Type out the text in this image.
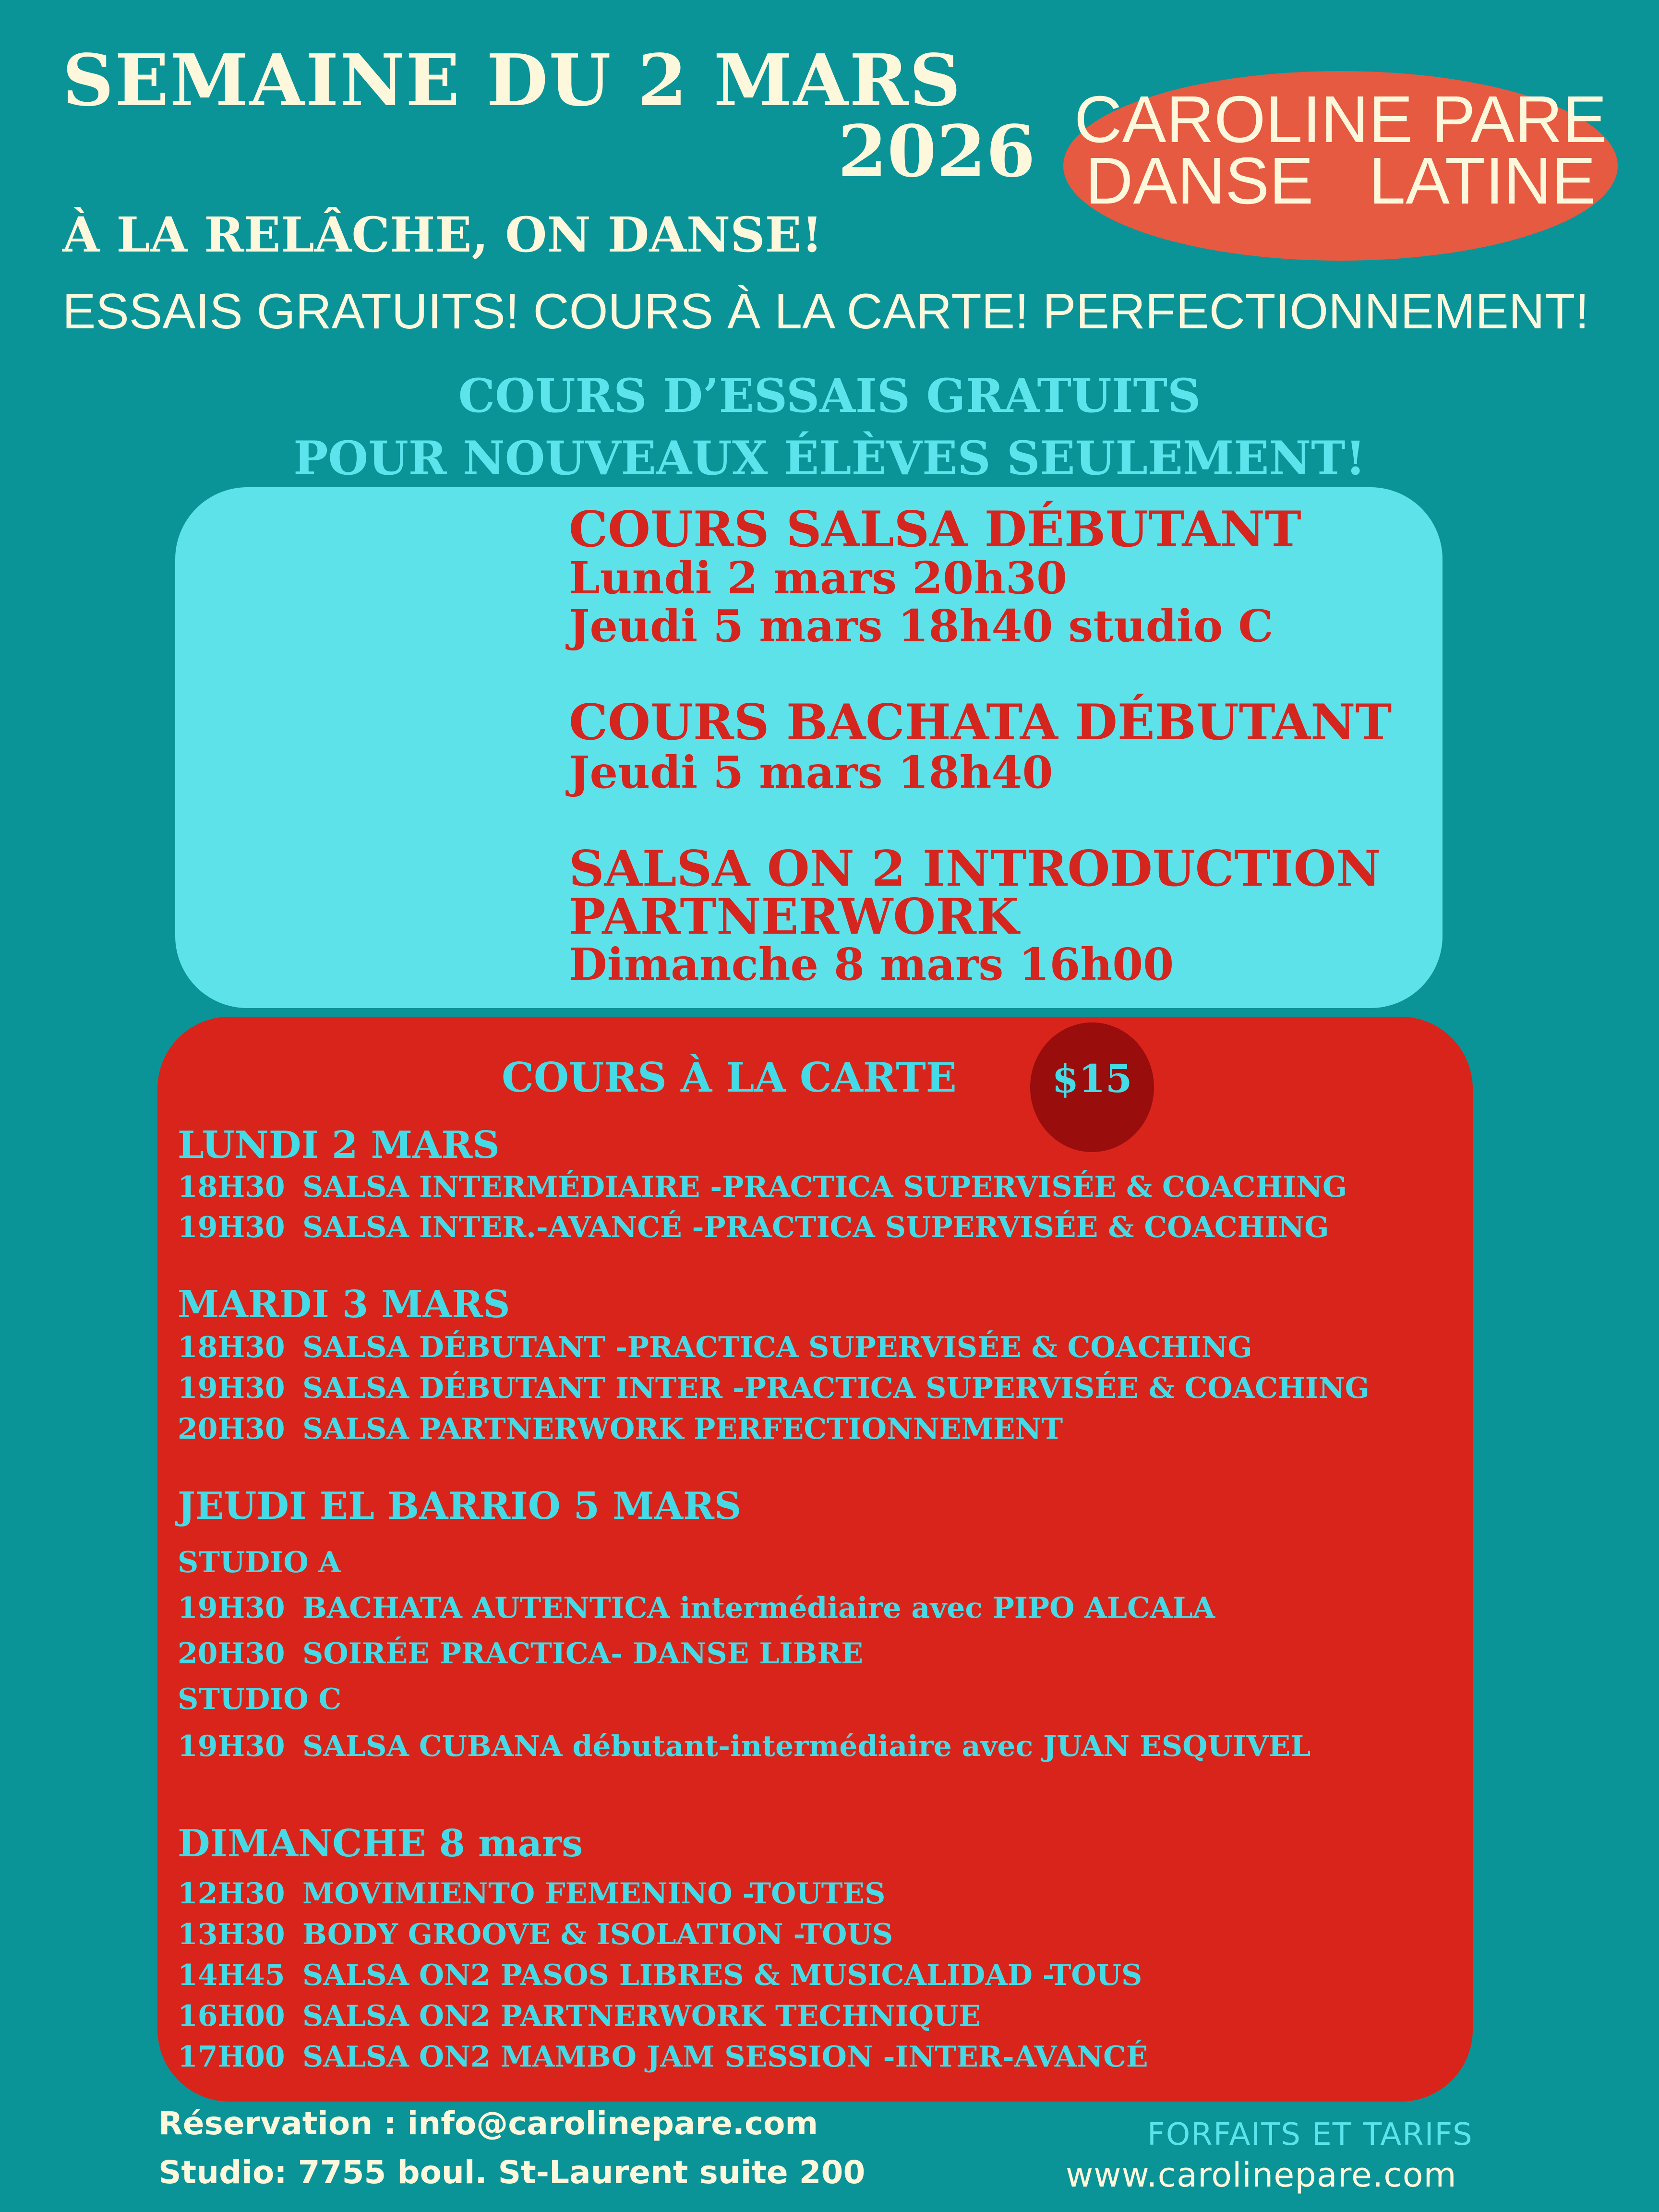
SEMAINE DU 2 MARS
2026 CAROLINE PARE
DANSE   LATINE
À LA RELÂCHE, ON DANSE!
ESSAIS GRATUITS! COURS À LA CARTE! PERFECTIONNEMENT!
COURS D’ESSAIS GRATUITS
POUR NOUVEAUX ÉLÈVES SEULEMENT!
COURS SALSA DÉBUTANT
Lundi 2 mars 20h30
Jeudi 5 mars 18h40 studio C
COURS BACHATA DÉBUTANT
Jeudi 5 mars 18h40
SALSA ON 2 INTRODUCTION
PARTNERWORK
Dimanche 8 mars 16h00
COURS À LA CARTE	$15
LUNDI 2 MARS
18H30 SALSA INTERMÉDIAIRE -PRACTICA SUPERVISÉE & COACHING
19H30 SALSA INTER.-AVANCÉ -PRACTICA SUPERVISÉE & COACHING
MARDI 3 MARS
18H30 SALSA DÉBUTANT -PRACTICA SUPERVISÉE & COACHING
19H30 SALSA DÉBUTANT INTER -PRACTICA SUPERVISÉE & COACHING
20H30 SALSA PARTNERWORK PERFECTIONNEMENT
JEUDI EL BARRIO 5 MARS
STUDIO A
19H30 BACHATA AUTENTICA intermédiaire avec PIPO ALCALA
20H30 SOIRÉE PRACTICA- DANSE LIBRE
STUDIO C
19H30 SALSA CUBANA débutant-intermédiaire avec JUAN ESQUIVEL
DIMANCHE 8 mars
12H30 MOVIMIENTO FEMENINO -TOUTES
13H30 BODY GROOVE & ISOLATION -TOUS
14H45 SALSA ON2 PASOS LIBRES & MUSICALIDAD -TOUS
16H00 SALSA ON2 PARTNERWORK TECHNIQUE
17H00 SALSA ON2 MAMBO JAM SESSION -INTER-AVANCÉ
Réservation : info@carolinepare.com
Studio: 7755 boul. St-Laurent suite 200
FORFAITS ET TARIFS
www.carolinepare.com
